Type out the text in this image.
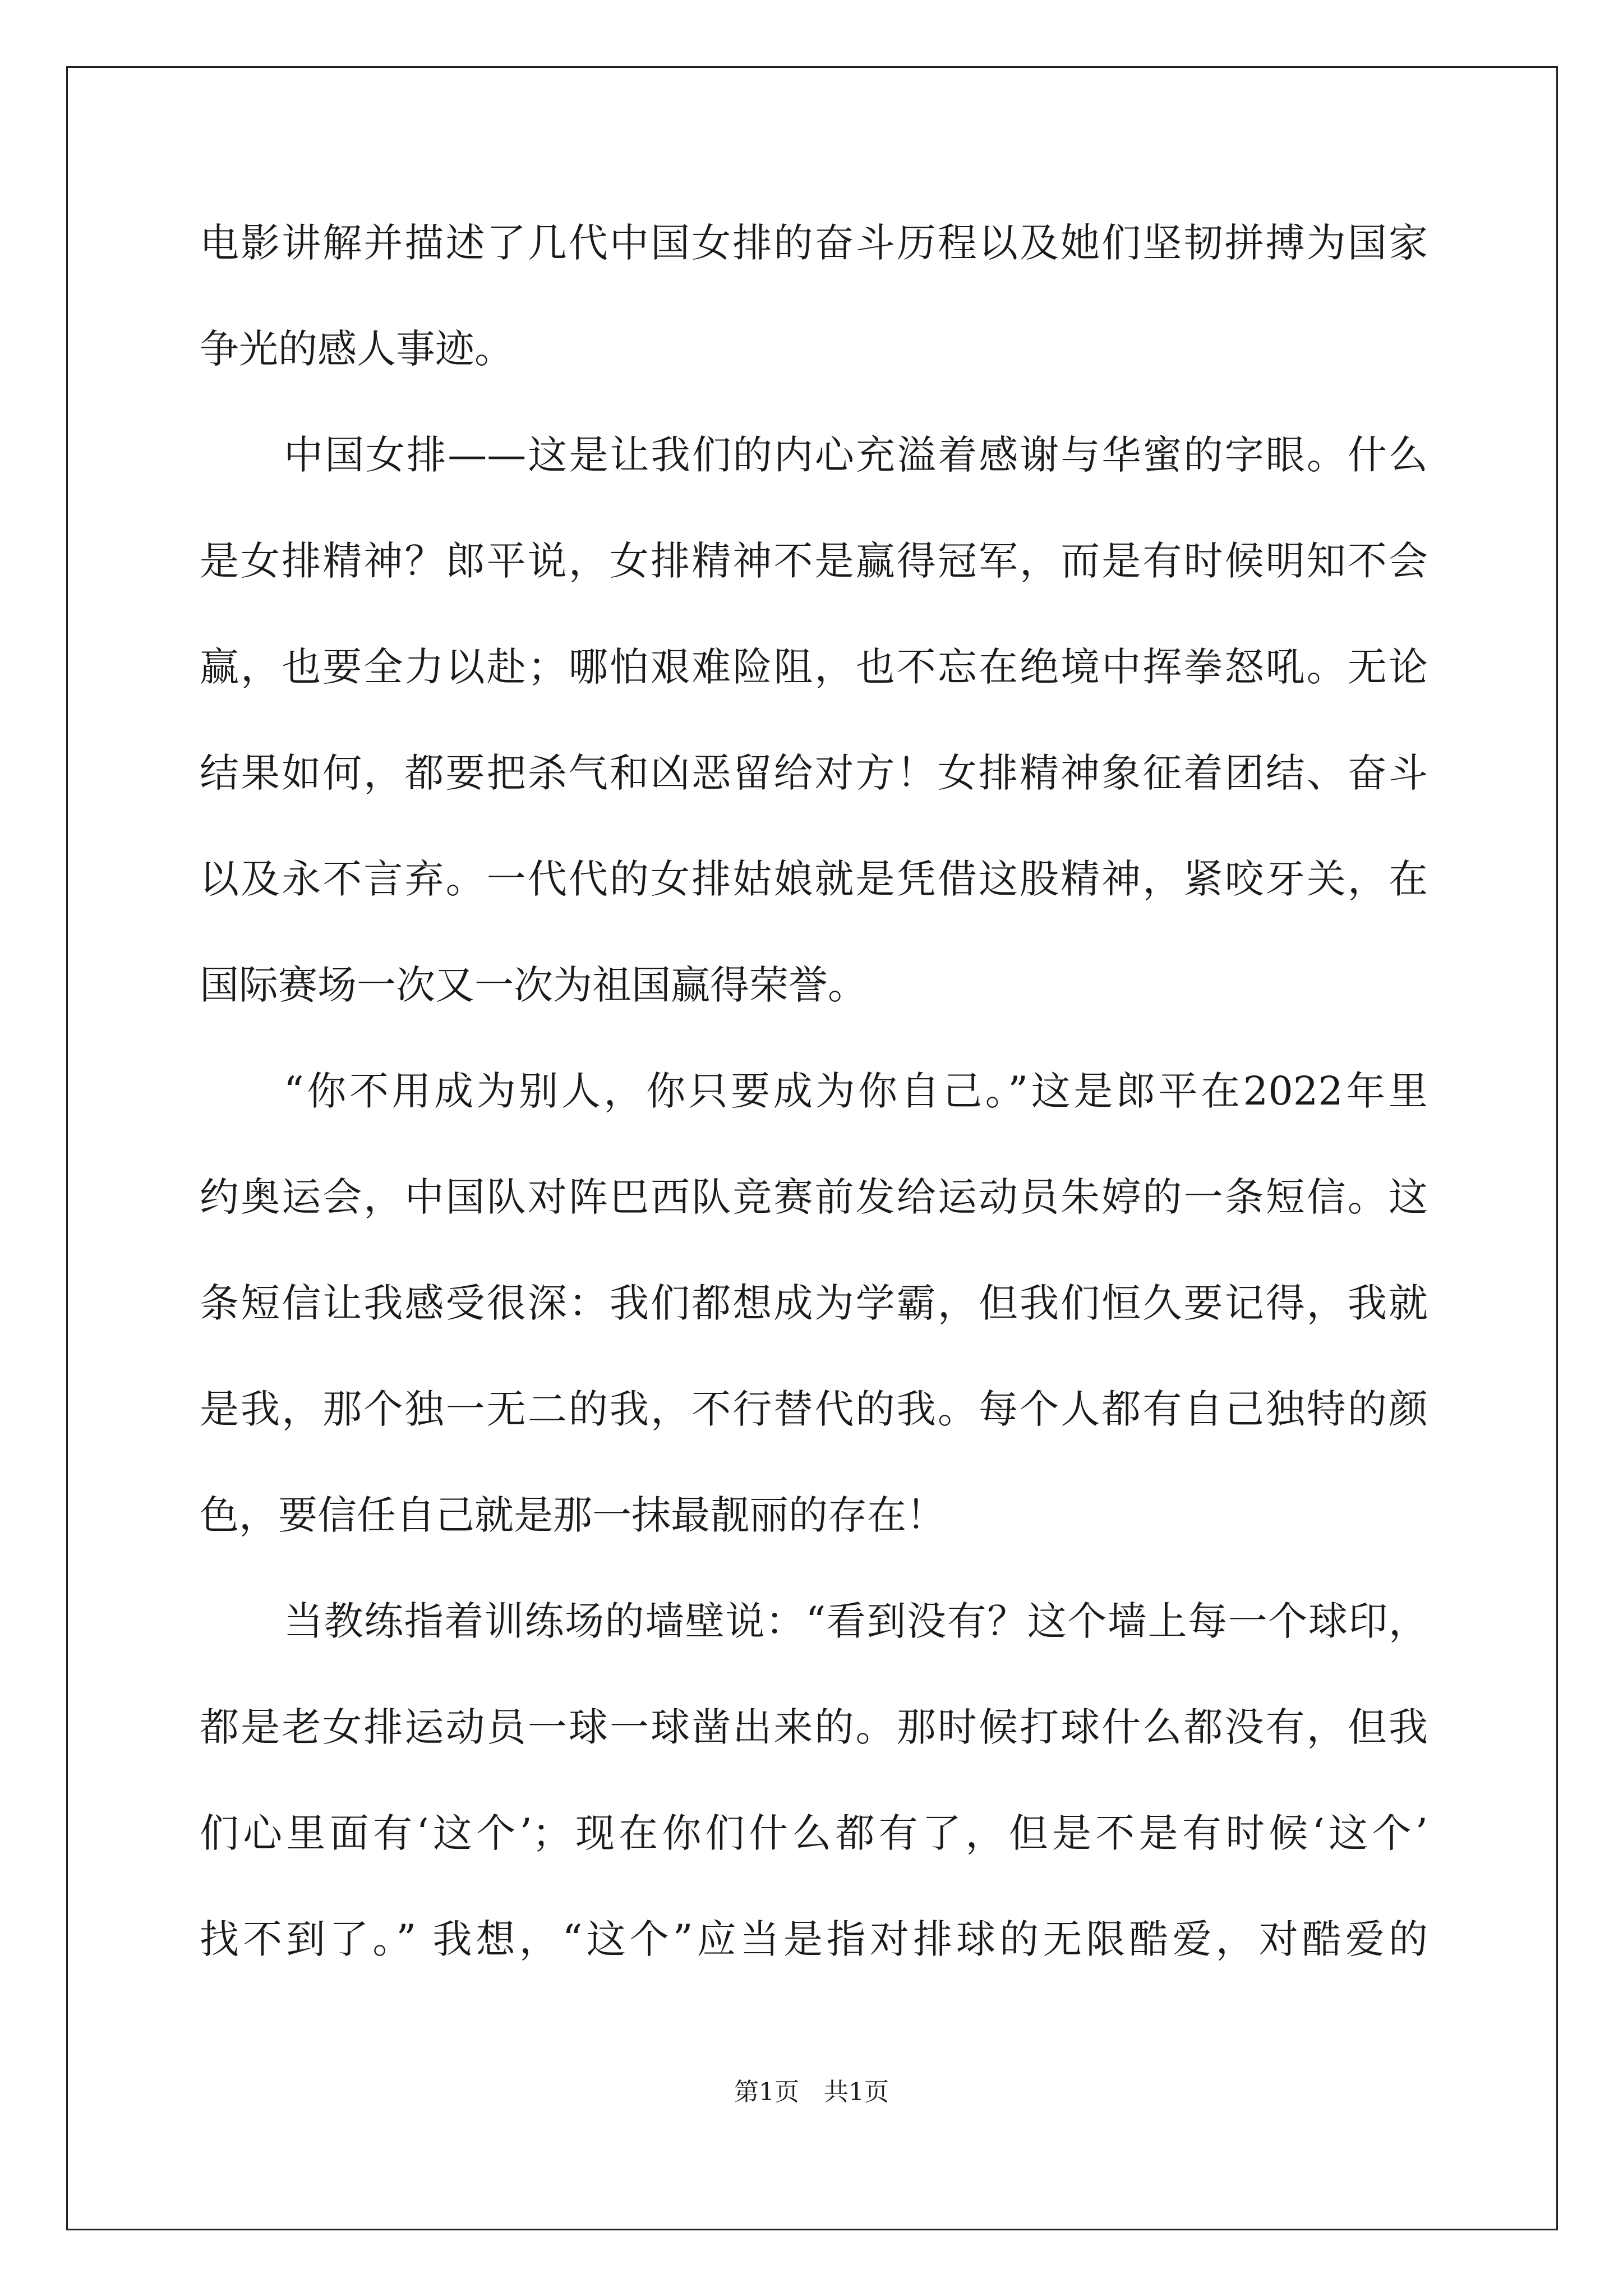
电影讲解并描述了几代中国女排的奋斗历程以及她们坚韧拼搏为国家
争光的感人事迹。
中国女排——这是让我们的内心充溢着感谢与华蜜的字眼。什么
是女排精神？郎平说，女排精神不是赢得冠军，而是有时候明知不会
赢，也要全力以赴；哪怕艰难险阻，也不忘在绝境中挥拳怒吼。无论
结果如何，都要把杀气和凶恶留给对方！女排精神象征着团结、奋斗
以及永不言弃。一代代的女排姑娘就是凭借这股精神，紧咬牙关，在
国际赛场一次又一次为祖国赢得荣誉。
“你不用成为别人，你只要成为你自己。”这是郎平在2022年里
约奥运会，中国队对阵巴西队竞赛前发给运动员朱婷的一条短信。这
条短信让我感受很深：我们都想成为学霸，但我们恒久要记得，我就
是我，那个独一无二的我，不行替代的我。每个人都有自己独特的颜
色，要信任自己就是那一抹最靓丽的存在！
当教练指着训练场的墙壁说：“看到没有？这个墙上每一个球印，
都是老女排运动员一球一球凿出来的。那时候打球什么都没有，但我
们心里面有‘这个’；现在你们什么都有了，但是不是有时候‘这个’
找不到了。” 我想，“这个”应当是指对排球的无限酷爱，对酷爱的
第1页　共1页
